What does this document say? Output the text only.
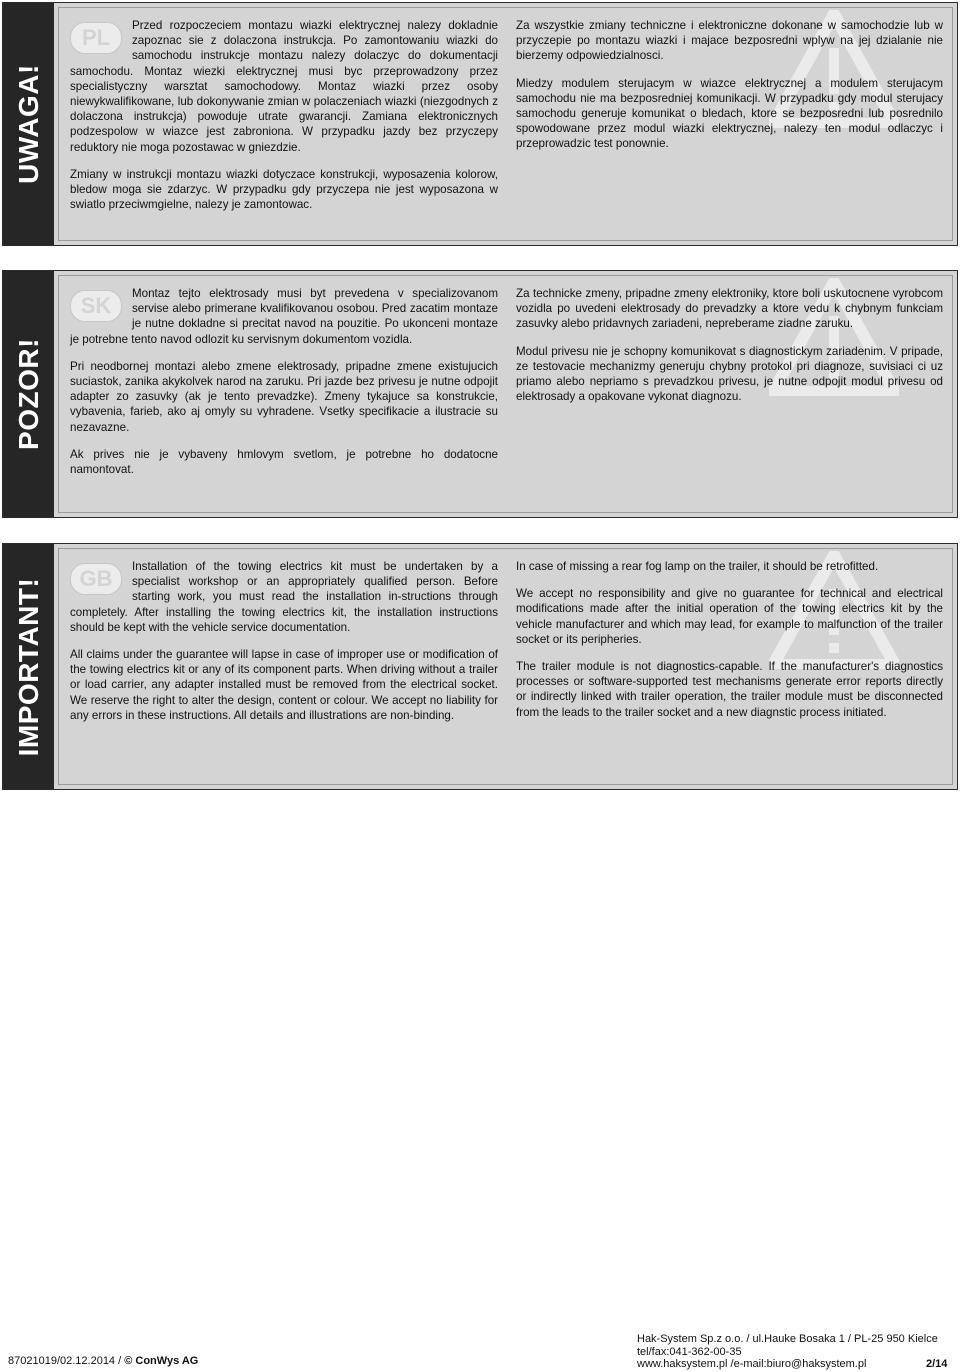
UWAGA!
PL	Przed rozpoczeciem montazu wiazki elektrycznej nalezy dokladnie zapoznac sie z dolaczona instrukcja. Po zamontowaniu wiazki do samochodu instrukcje montazu nalezy dolaczyc do dokumentacji samochodu. Montaz wiezki elektrycznej musi byc przeprowadzony przez specialistyczny warsztat samochodowy. Montaz wiazki przez osoby niewykwalifikowane, lub dokonywanie zmian w polaczeniach wiazki (niezgodnych z dolaczona instrukcja) powoduje utrate gwarancji. Zamiana elektronicznych podzespolow w wiazce jest zabroniona. W przypadku jazdy bez przyczepy reduktory nie moga pozostawac w gniezdzie.

Zmiany w instrukcji montazu wiazki dotyczace konstrukcji, wyposazenia kolorow, bledow moga sie zdarzyc. W przypadku gdy przyczepa nie jest wyposazona w swiatlo przeciwmgielne, nalezy je zamontowac.

Za wszystkie zmiany techniczne i elektroniczne dokonane w samochodzie lub w przyczepie po montazu wiazki i majace bezposredni wplyw na jej dzialanie nie bierzemy odpowiedzialnosci.

Miedzy modulem sterujacym w wiazce elektrycznej a modulem sterujacym samochodu nie ma bezposredniej komunikacji. W przypadku gdy modul sterujacy samochodu generuje komunikat o bledach, ktore se bezposredni lub posrednilo spowodowane przez modul wiazki elektrycznej, nalezy ten modul odlaczyc i przeprowadzic test ponownie.

POZOR!
SK	Montaz tejto elektrosady musi byt prevedena v specializovanom servise alebo primerane kvalifikovanou osobou. Pred zacatim montaze je nutne dokladne si precitat navod na pouzitie. Po ukonceni montaze je potrebne tento navod odlozit ku servisnym dokumentom vozidla.

Pri neodbornej montazi alebo zmene elektrosady, pripadne zmene existujucich suciastok, zanika akykolvek narod na zaruku. Pri jazde bez privesu je nutne odpojit adapter zo zasuvky (ak je tento prevadzke). Zmeny tykajuce sa konstrukcie, vybavenia, farieb, ako aj omyly su vyhradene. Vsetky specifikacie a ilustracie su nezavazne.

Ak prives nie je vybaveny hmlovym svetlom, je potrebne ho dodatocne namontovat.

Za technicke zmeny, pripadne zmeny elektroniky, ktore boli uskutocnene vyrobcom vozidla po uvedeni elektrosady do prevadzky a ktore vedu k chybnym funkciam zasuvky alebo pridavnych zariadeni, nepreberame ziadne zaruku.

Modul privesu nie je schopny komunikovat s diagnostickym zariadenim. V pripade, ze testovacie mechanizmy generuju chybny protokol pri diagnoze, suvisiaci ci uz priamo alebo nepriamo s prevadzkou privesu, je nutne odpojit modul privesu od elektrosady a opakovane vykonat diagnozu.

IMPORTANT!	GB	Installation of the towing electrics kit must be undertaken by a specialist workshop or an appropriately qualified person. Before starting work, you must read the installation in-structions through completely. After installing the towing electrics kit, the installation instructions should be kept with the vehicle service documentation.

All claims under the guarantee will lapse in case of improper use or modification of the towing electrics kit or any of its component parts. When driving without a trailer or load carrier, any adapter installed must be removed from the electrical socket. We reserve the right to alter the design, content or colour. We accept no liability for any errors in these instructions. All details and illustrations are non-binding.

In case of missing a rear fog lamp on the trailer, it should be retrofitted.

We accept no responsibility and give no guarantee for technical and electrical modifications made after the initial operation of the towing electrics kit by the vehicle manufacturer and which may lead, for example to malfunction of the trailer socket or its peripheries.

The trailer module is not diagnostics-capable. If the manufacturer's diagnostics processes or software-supported test mechanisms generate error reports directly or indirectly linked with trailer operation, the trailer module must be disconnected from the leads to the trailer socket and a new diagnstic process initiated.

87021019/02.12.2014 / © ConWys AG
Hak-System Sp.z o.o. / ul.Hauke Bosaka 1 / PL-25 950 Kielce
tel/fax:041-362-00-35
www.haksystem.pl /e-mail:biuro@haksystem.pl	2/14
